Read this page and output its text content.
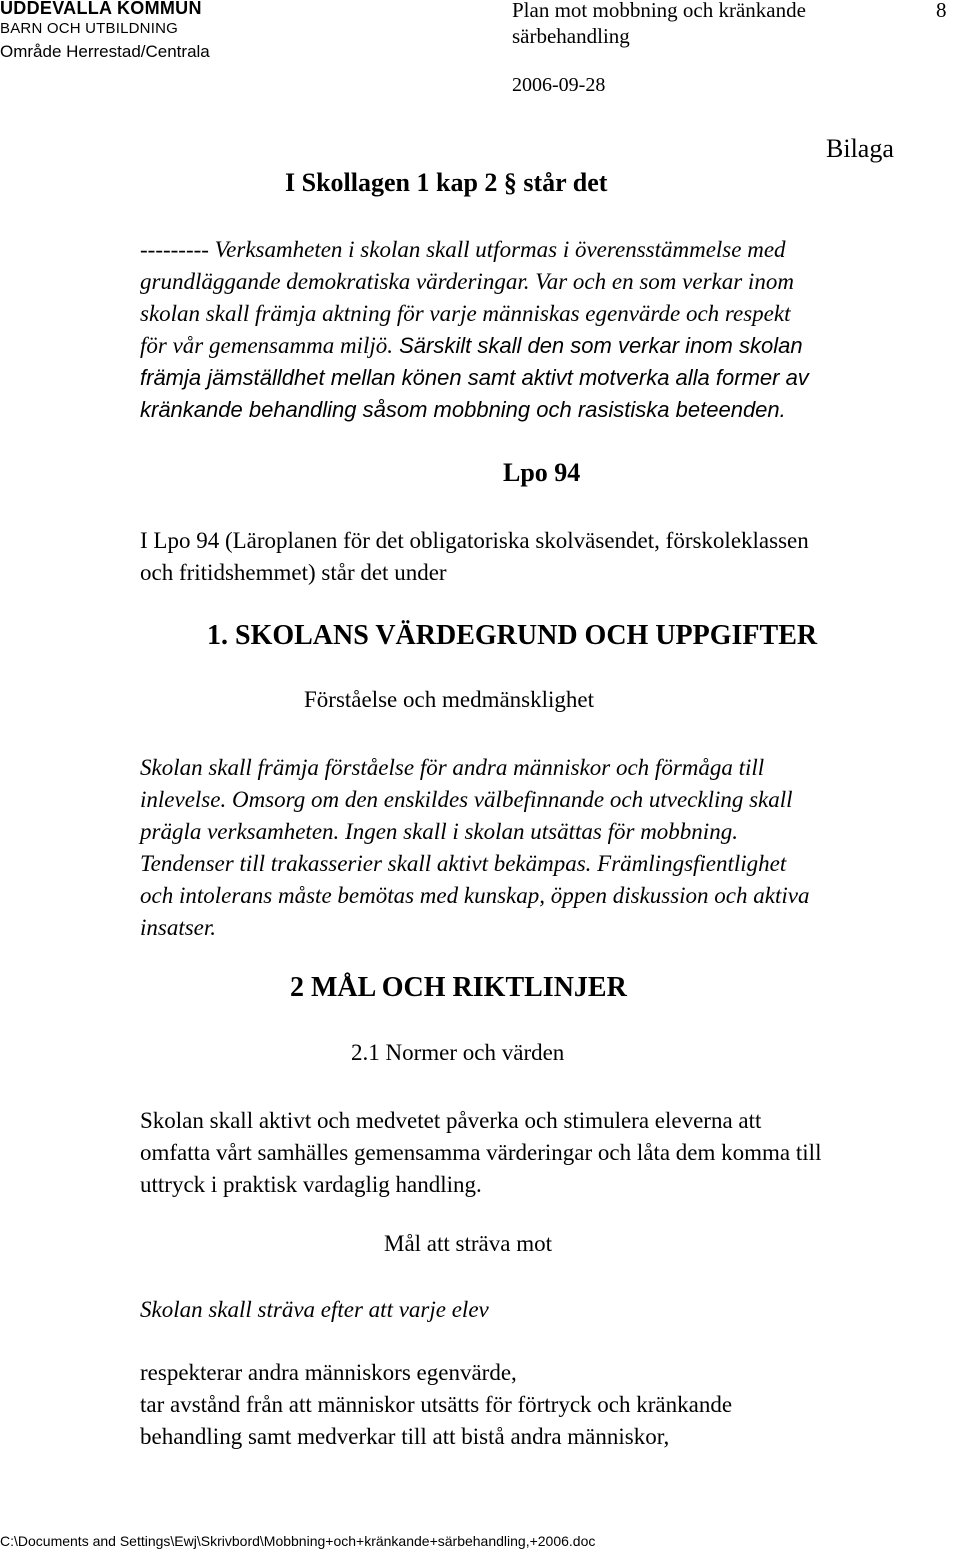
UDDEVALLA KOMMUN
BARN OCH UTBILDNING
Område Herrestad/Centrala
Plan mot mobbning och kränkande
särbehandling
8
2006-09-28
Bilaga
I Skollagen 1 kap 2 § står det
--------- Verksamheten i skolan skall utformas i överensstämmelse med
grundläggande demokratiska värderingar. Var och en som verkar inom
skolan skall främja aktning för varje människas egenvärde och respekt
för vår gemensamma miljö. Särskilt skall den som verkar inom skolan
främja jämställdhet mellan könen samt aktivt motverka alla former av
kränkande behandling såsom mobbning och rasistiska beteenden.
Lpo 94
I Lpo 94 (Läroplanen för det obligatoriska skolväsendet, förskoleklassen
och fritidshemmet) står det under
1. SKOLANS VÄRDEGRUND OCH UPPGIFTER
Förståelse och medmänsklighet
Skolan skall främja förståelse för andra människor och förmåga till
inlevelse. Omsorg om den enskildes välbefinnande och utveckling skall
prägla verksamheten. Ingen skall i skolan utsättas för mobbning.
Tendenser till trakasserier skall aktivt bekämpas. Främlingsfientlighet
och intolerans måste bemötas med kunskap, öppen diskussion och aktiva
insatser.
2 MÅL OCH RIKTLINJER
2.1 Normer och värden
Skolan skall aktivt och medvetet påverka och stimulera eleverna att
omfatta vårt samhälles gemensamma värderingar och låta dem komma till
uttryck i praktisk vardaglig handling.
Mål att sträva mot
Skolan skall sträva efter att varje elev
respekterar andra människors egenvärde,
tar avstånd från att människor utsätts för förtryck och kränkande
behandling samt medverkar till att bistå andra människor,
C:\Documents and Settings\Ewj\Skrivbord\Mobbning+och+kränkande+särbehandling,+2006.doc
